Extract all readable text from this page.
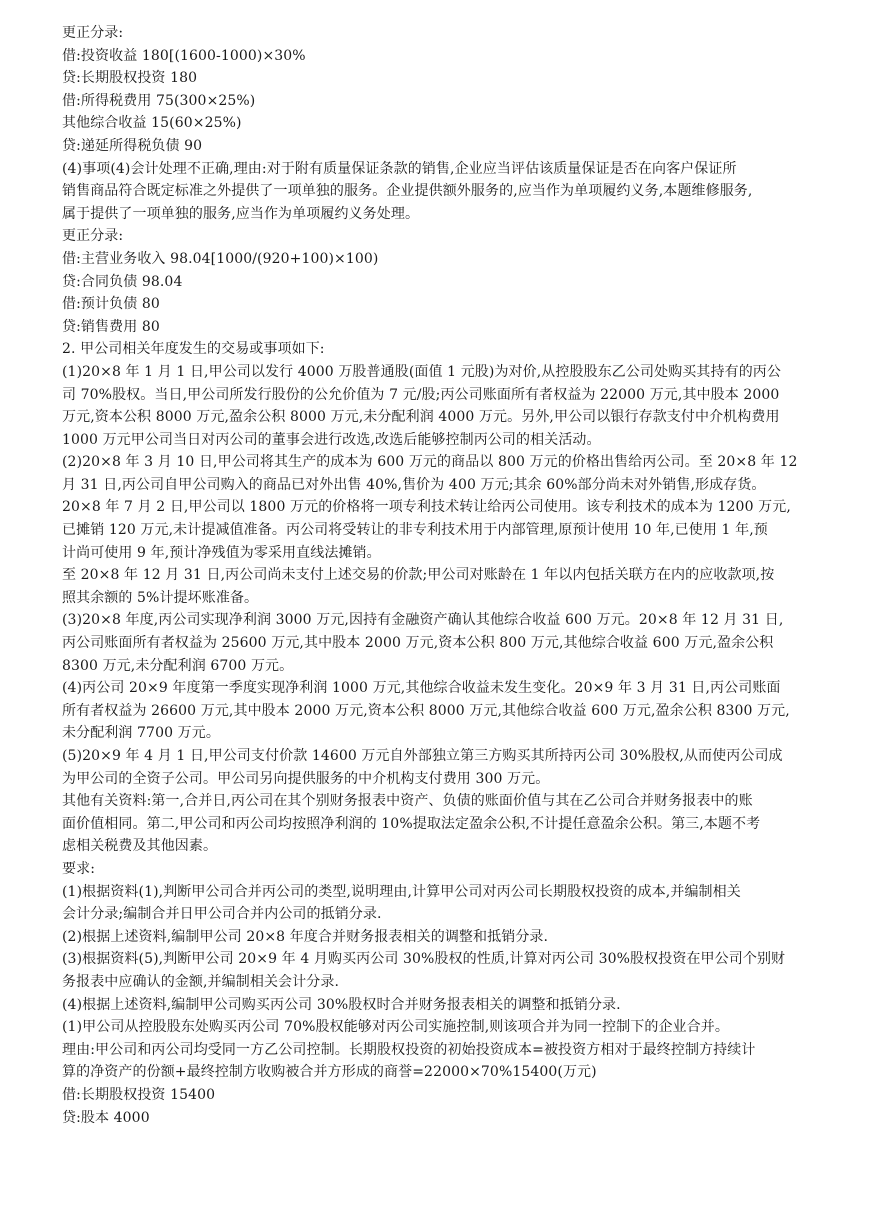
更正分录:

借:投资收益 180[(1600-1000)×30%

贷:长期股权投资 180

借:所得税费用 75(300×25%)

其他综合收益 15(60×25%)

贷:递延所得税负债 90

(4)事项(4)会计处理不正确,理由:对于附有质量保证条款的销售,企业应当评估该质量保证是否在向客户保证所

销售商品符合既定标准之外提供了一项单独的服务。企业提供额外服务的,应当作为单项履约义务,本题维修服务,

属于提供了一项单独的服务,应当作为单项履约义务处理。

更正分录:

借:主营业务收入 98.04[1000/(920+100)×100)

贷:合同负债 98.04

借:预计负债 80

贷:销售费用 80

2. 甲公司相关年度发生的交易或事项如下:

(1)20×8 年 1 月 1 日,甲公司以发行 4000 万股普通股(面值 1 元股)为对价,从控股股东乙公司处购买其持有的丙公

司 70%股权。当日,甲公司所发行股份的公允价值为 7 元/股;丙公司账面所有者权益为 22000 万元,其中股本 2000

万元,资本公积 8000 万元,盈余公积 8000 万元,未分配利润 4000 万元。另外,甲公司以银行存款支付中介机构费用

1000 万元甲公司当日对丙公司的董事会进行改选,改选后能够控制丙公司的相关活动。

(2)20×8 年 3 月 10 日,甲公司将其生产的成本为 600 万元的商品以 800 万元的价格出售给丙公司。至 20×8 年 12

月 31 日,丙公司自甲公司购入的商品已对外出售 40%,售价为 400 万元;其余 60%部分尚未对外销售,形成存货。

20×8 年 7 月 2 日,甲公司以 1800 万元的价格将一项专利技术转让给丙公司使用。该专利技术的成本为 1200 万元,

已摊销 120 万元,未计提减值准备。丙公司将受转让的非专利技术用于内部管理,原预计使用 10 年,已使用 1 年,预

计尚可使用 9 年,预计净残值为零采用直线法摊销。

至 20×8 年 12 月 31 日,丙公司尚未支付上述交易的价款;甲公司对账龄在 1 年以内包括关联方在内的应收款项,按

照其余额的 5%计提坏账准备。

(3)20×8 年度,丙公司实现净利润 3000 万元,因持有金融资产确认其他综合收益 600 万元。20×8 年 12 月 31 日,

丙公司账面所有者权益为 25600 万元,其中股本 2000 万元,资本公积 800 万元,其他综合收益 600 万元,盈余公积

8300 万元,未分配利润 6700 万元。

(4)丙公司 20×9 年度第一季度实现净利润 1000 万元,其他综合收益未发生变化。20×9 年 3 月 31 日,丙公司账面

所有者权益为 26600 万元,其中股本 2000 万元,资本公积 8000 万元,其他综合收益 600 万元,盈余公积 8300 万元,

未分配利润 7700 万元。

(5)20×9 年 4 月 1 日,甲公司支付价款 14600 万元自外部独立第三方购买其所持丙公司 30%股权,从而使丙公司成

为甲公司的全资子公司。甲公司另向提供服务的中介机构支付费用 300 万元。

其他有关资料:第一,合并日,丙公司在其个别财务报表中资产、负债的账面价值与其在乙公司合并财务报表中的账

面价值相同。第二,甲公司和丙公司均按照净利润的 10%提取法定盈余公积,不计提任意盈余公积。第三,本题不考

虑相关税费及其他因素。

要求:

(1)根据资料(1),判断甲公司合并丙公司的类型,说明理由,计算甲公司对丙公司长期股权投资的成本,并编制相关

会计分录;编制合并日甲公司合并内公司的抵销分录.

(2)根据上述资料,编制甲公司 20×8 年度合并财务报表相关的调整和抵销分录.

(3)根据资料(5),判断甲公司 20×9 年 4 月购买丙公司 30%股权的性质,计算对丙公司 30%股权投资在甲公司个别财

务报表中应确认的金额,并编制相关会计分录.

(4)根据上述资料,编制甲公司购买丙公司 30%股权时合并财务报表相关的调整和抵销分录.

(1)甲公司从控股股东处购买丙公司 70%股权能够对丙公司实施控制,则该项合并为同一控制下的企业合并。

理由:甲公司和丙公司均受同一方乙公司控制。长期股权投资的初始投资成本=被投资方相对于最终控制方持续计

算的净资产的份额+最终控制方收购被合并方形成的商誉=22000×70%15400(万元)

借:长期股权投资 15400

贷:股本 4000
